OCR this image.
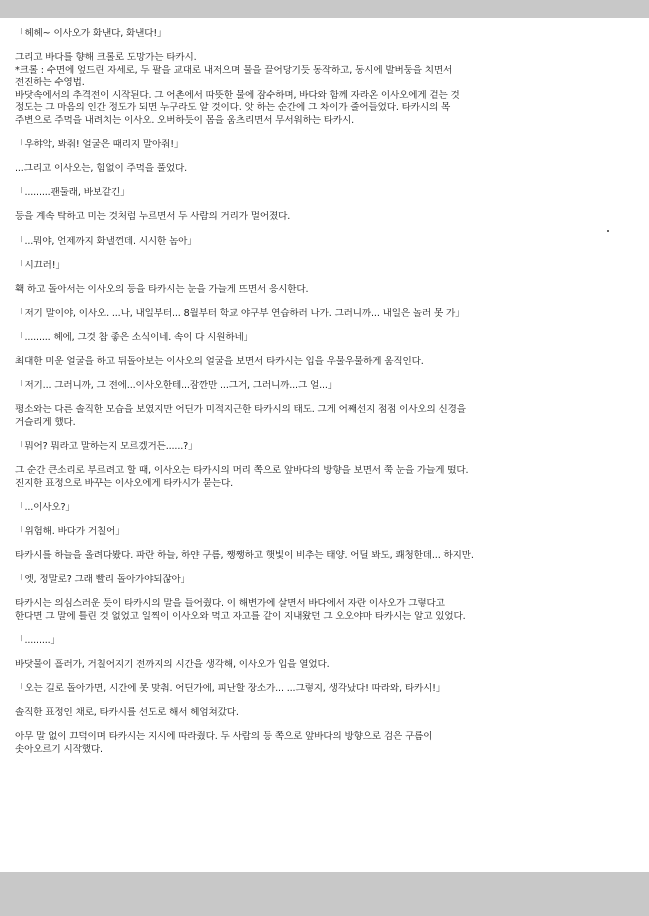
「헤헤~ 이사오가 화낸다, 화낸다!」
그리고 바다를 향해 크롤로 도망가는 타카시.
*크롤 : 수면에 엎드린 자세로, 두 팔을 교대로 내저으며 물을 끌어당기듯 동작하고, 동시에 발버둥을 치면서
전진하는 수영법.
바닷속에서의 추격전이 시작된다. 그 어촌에서 따뜻한 물에 잠수하며, 바다와 함께 자라온 이사오에게 겉는 것
정도는 그 마음의 인간 정도가 되면 누구라도 알 것이다. 앗 하는 순간에 그 차이가 줄어들었다. 타카시의 목
주변으로 주먹을 내려치는 이사오. 오버하듯이 몸을 움츠리면서 무서워하는 타카시.
「우햐악, 봐줘! 얼굴은 때리지 말아줘!」
...그리고 이사오는, 힘없이 주먹을 풀었다.
「.........괜둘래, 바보같긴」
등을 계속 탁하고 미는 것처럼 누르면서 두 사람의 거리가 멀어졌다.
「...뭐야, 언제까지 화낼껀데. 시시한 놈아」
「시끄러!」
홱 하고 돌아서는 이사오의 등을 타카시는 눈을 가늘게 뜨면서 응시한다.
「저기 말이야, 이사오. ...나, 내일부터... 8월부터 학교 야구부 연습하러 나가. 그러니까... 내일은 놀러 못 가」
「......... 헤에, 그것 참 좋은 소식이네. 속이 다 시원하네」
최대한 미운 얼굴을 하고 뒤돌아보는 이사오의 얼굴을 보면서 타카시는 입을 우물우물하게 움직인다.
「저기... 그러니까, 그 전에...이사오한테...잠깐만 ...그거, 그러니까...그 얼...」
평소와는 다른 솔직한 모습을 보였지만 어딘가 미적지근한 타카시의 태도. 그게 어째선지 점점 이사오의 신경을
거슬리게 했다.
「뭐어? 뭐라고 말하는지 모르겠거든......?」
그 순간 큰소리로 부르려고 할 때, 이사오는 타카시의 머리 쪽으로 앞바다의 방향을 보면서 쭉 눈을 가늘게 떴다.
진지한 표정으로 바꾸는 이사오에게 타카시가 묻는다.
「...이사오?」
「위험해. 바다가 거칠어」
타카시를 하늘을 올려다봤다. 파란 하늘, 하얀 구름, 쨍쨍하고 햇빛이 비추는 태양. 어딜 봐도, 쾌청한데... 하지만.
「엣, 정말로? 그래 빨리 돌아가야되잖아」
타카시는 의심스러운 듯이 타카시의 말을 들어줬다. 이 해변가에 살면서 바다에서 자란 이사오가 그렇다고
한다면 그 말에 틀린 것 없었고 일찍이 이사오와 먹고 자고를 같이 지내왔던 그 오오야마 타카시는 알고 있었다.
「.........」
바닷물이 흘러가, 거칠어지기 전까지의 시간을 생각해, 이사오가 입을 열었다.
「오는 길로 돌아가면, 시간에 못 맞춰. 어딘가에, 피난할 장소가... ...그렇지, 생각났다! 따라와, 타카시!」
솔직한 표정인 채로, 타카시를 선도로 해서 헤엄쳐갔다.
아무 말 없이 끄덕이며 타카시는 지시에 따라줬다. 두 사람의 등 쪽으로 앞바다의 방향으로 검은 구름이
솟아오르기 시작했다.
